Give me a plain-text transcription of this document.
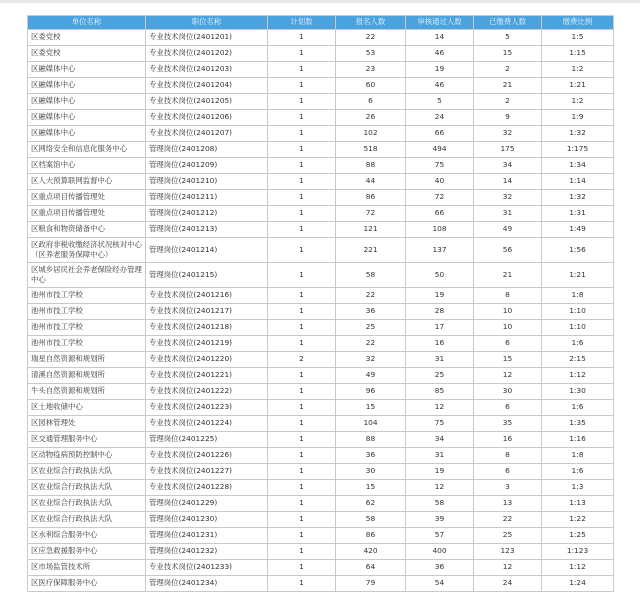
单位名称	职位名称	计划数	报名人数	审核通过人数	已缴费人数	缴费比例
区委党校	专业技术岗位(2401201)	1	22	14	5	1:5
区委党校	专业技术岗位(2401202)	1	53	46	15	1:15
区融媒体中心	专业技术岗位(2401203)	1	23	19	2	1:2
区融媒体中心	专业技术岗位(2401204)	1	60	46	21	1:21
区融媒体中心	专业技术岗位(2401205)	1	6	5	2	1:2
区融媒体中心	专业技术岗位(2401206)	1	26	24	9	1:9
区融媒体中心	专业技术岗位(2401207)	1	102	66	32	1:32
区网络安全和信息化服务中心	管理岗位(2401208)	1	518	494	175	1:175
区档案馆中心	管理岗位(2401209)	1	88	75	34	1:34
区人大预算联网监督中心	管理岗位(2401210)	1	44	40	14	1:14
区重点项目传播管理处	管理岗位(2401211)	1	86	72	32	1:32
区重点项目传播管理处	管理岗位(2401212)	1	72	66	31	1:31
区粮食和物资储备中心	管理岗位(2401213)	1	121	108	49	1:49
区政府非税收缴经济状况核对中心（区养老服务保障中心）	管理岗位(2401214)	1	221	137	56	1:56
区城乡居民社会养老保险经办管理中心	管理岗位(2401215)	1	58	50	21	1:21
池州市技工学校	专业技术岗位(2401216)	1	22	19	8	1:8
池州市技工学校	专业技术岗位(2401217)	1	36	28	10	1:10
池州市技工学校	专业技术岗位(2401218)	1	25	17	10	1:10
池州市技工学校	专业技术岗位(2401219)	1	22	16	6	1:6
瑞星自然资源和规划所	专业技术岗位(2401220)	2	32	31	15	2:15
清溪自然资源和规划所	专业技术岗位(2401221)	1	49	25	12	1:12
牛头自然资源和规划所	专业技术岗位(2401222)	1	96	85	30	1:30
区土地收储中心	专业技术岗位(2401223)	1	15	12	6	1:6
区园林管理处	专业技术岗位(2401224)	1	104	75	35	1:35
区交通管理服务中心	管理岗位(2401225)	1	88	34	16	1:16
区动物疫病预防控制中心	专业技术岗位(2401226)	1	36	31	8	1:8
区农业综合行政执法大队	专业技术岗位(2401227)	1	30	19	6	1:6
区农业综合行政执法大队	专业技术岗位(2401228)	1	15	12	3	1:3
区农业综合行政执法大队	管理岗位(2401229)	1	62	58	13	1:13
区农业综合行政执法大队	管理岗位(2401230)	1	58	39	22	1:22
区水利综合服务中心	管理岗位(2401231)	1	86	57	25	1:25
区应急救援服务中心	管理岗位(2401232)	1	420	400	123	1:123
区市场监管技术所	专业技术岗位(2401233)	1	64	36	12	1:12
区医疗保障服务中心	管理岗位(2401234)	1	79	54	24	1:24
